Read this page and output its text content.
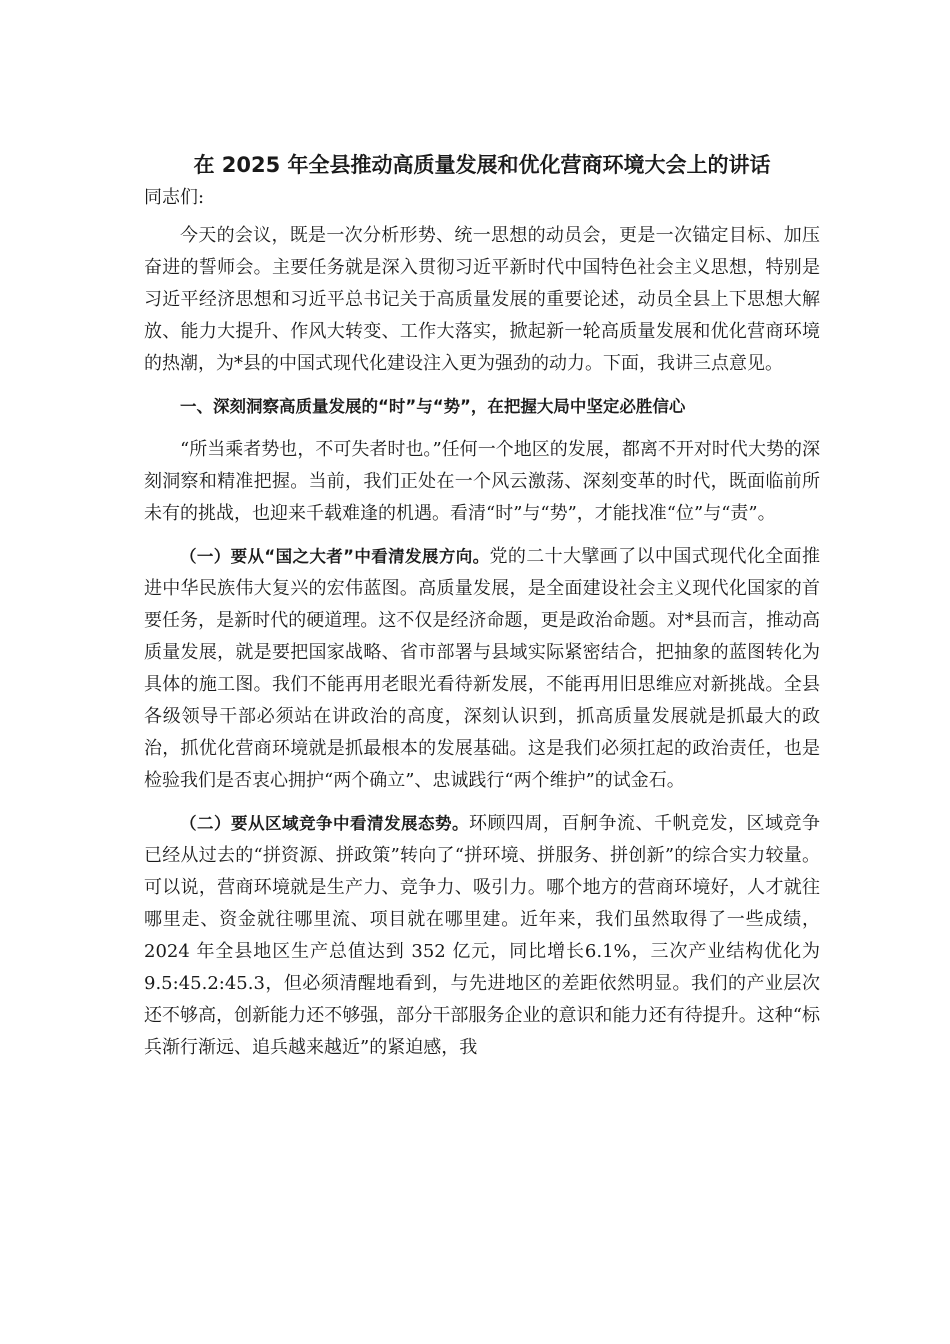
在 2025 年全县推动高质量发展和优化营商环境大会上的讲话

同志们:

今天的会议，既是一次分析形势、统一思想的动员会，更是一次锚定目标、加压奋进的誓师会。主要任务就是深入贯彻习近平新时代中国特色社会主义思想，特别是习近平经济思想和习近平总书记关于高质量发展的重要论述，动员全县上下思想大解放、能力大提升、作风大转变、工作大落实，掀起新一轮高质量发展和优化营商环境的热潮，为*县的中国式现代化建设注入更为强劲的动力。下面，我讲三点意见。

一、深刻洞察高质量发展的“时”与“势”，在把握大局中坚定必胜信心

“所当乘者势也，不可失者时也。”任何一个地区的发展，都离不开对时代大势的深刻洞察和精准把握。当前，我们正处在一个风云激荡、深刻变革的时代，既面临前所未有的挑战，也迎来千载难逢的机遇。看清“时”与“势”，才能找准“位”与“责”。

（一）要从“国之大者”中看清发展方向。党的二十大擘画了以中国式现代化全面推进中华民族伟大复兴的宏伟蓝图。高质量发展，是全面建设社会主义现代化国家的首要任务，是新时代的硬道理。这不仅是经济命题，更是政治命题。对*县而言，推动高质量发展，就是要把国家战略、省市部署与县域实际紧密结合，把抽象的蓝图转化为具体的施工图。我们不能再用老眼光看待新发展，不能再用旧思维应对新挑战。全县各级领导干部必须站在讲政治的高度，深刻认识到，抓高质量发展就是抓最大的政治，抓优化营商环境就是抓最根本的发展基础。这是我们必须扛起的政治责任，也是检验我们是否衷心拥护“两个确立”、忠诚践行“两个维护”的试金石。

（二）要从区域竞争中看清发展态势。环顾四周，百舸争流、千帆竞发，区域竞争已经从过去的“拼资源、拼政策”转向了“拼环境、拼服务、拼创新”的综合实力较量。可以说，营商环境就是生产力、竞争力、吸引力。哪个地方的营商环境好，人才就往哪里走、资金就往哪里流、项目就在哪里建。近年来，我们虽然取得了一些成绩，2024 年全县地区生产总值达到 352 亿元，同比增长6.1%，三次产业结构优化为 9.5:45.2:45.3，但必须清醒地看到，与先进地区的差距依然明显。我们的产业层次还不够高，创新能力还不够强，部分干部服务企业的意识和能力还有待提升。这种“标兵渐行渐远、追兵越来越近”的紧迫感，我
